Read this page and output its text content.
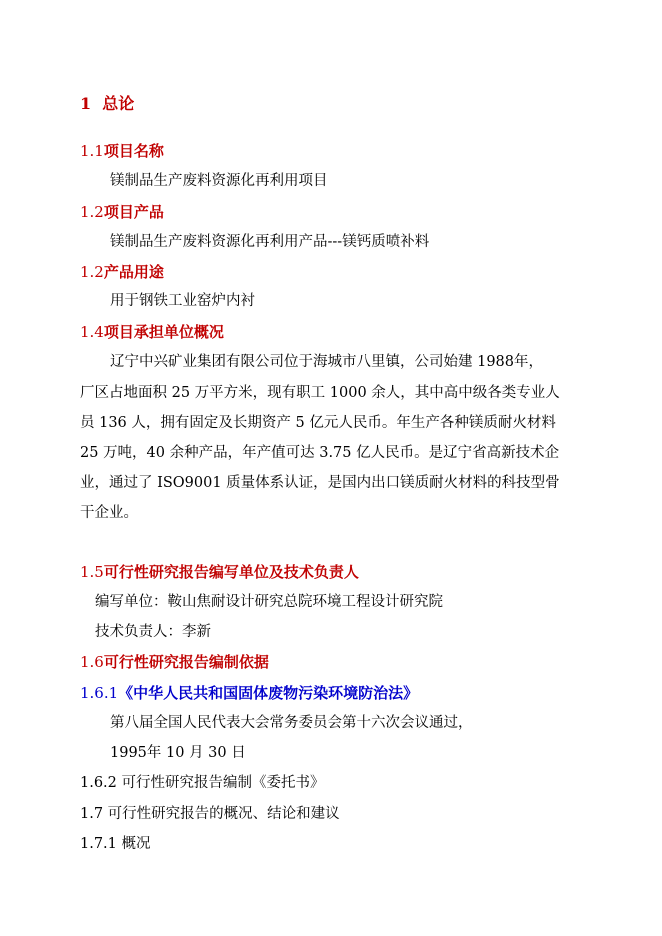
1 总论
1.1项目名称
镁制品生产废料资源化再利用项目
1.2项目产品
镁制品生产废料资源化再利用产品---镁钙质喷补料
1.2产品用途
用于钢铁工业窑炉内衬
1.4项目承担单位概况
辽宁中兴矿业集团有限公司位于海城市八里镇，公司始建 1988年，
厂区占地面积 25 万平方米，现有职工 1000 余人，其中高中级各类专业人
员 136 人，拥有固定及长期资产 5 亿元人民币。年生产各种镁质耐火材料
25 万吨，40 余种产品，年产值可达 3.75 亿人民币。是辽宁省高新技术企
业，通过了 ISO9001 质量体系认证，是国内出口镁质耐火材料的科技型骨
干企业。
1.5可行性研究报告编写单位及技术负责人
编写单位：鞍山焦耐设计研究总院环境工程设计研究院
技术负责人：李新
1.6可行性研究报告编制依据
1.6.1《中华人民共和国固体废物污染环境防治法》
第八届全国人民代表大会常务委员会第十六次会议通过，
1995年 10 月 30 日
1.6.2 可行性研究报告编制《委托书》
1.7 可行性研究报告的概况、结论和建议
1.7.1 概况
